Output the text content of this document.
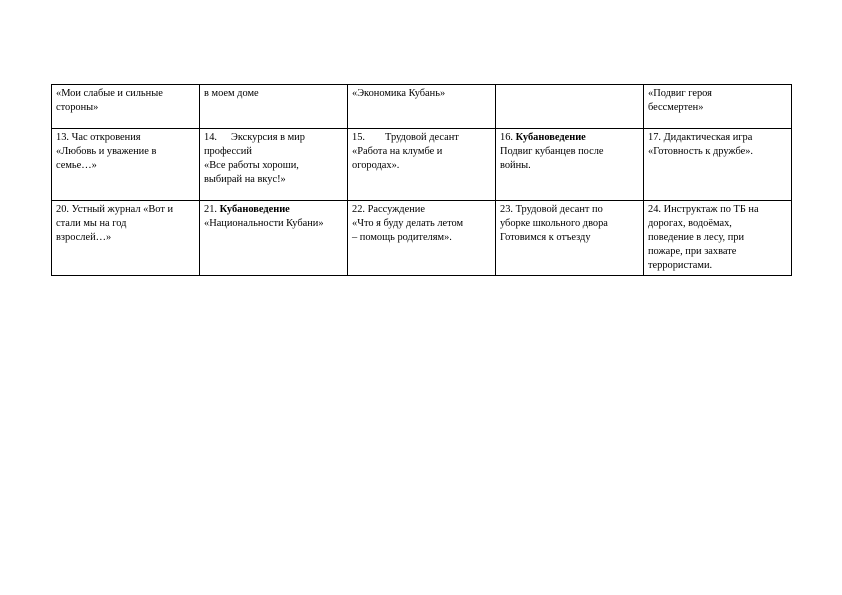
«Мои слабые и сильные
стороны»	в моем доме	«Экономика Кубань»		«Подвиг героя
бессмертен»

13. Час откровения
«Любовь и уважение в
семье…»	14. Экскурсия в мир
профессий
«Все работы хороши,
выбирай на вкус!»	15. Трудовой десант
«Работа на клумбе и
огородах».	16. Кубановедение
Подвиг кубанцев после
войны.	17. Дидактическая игра
«Готовность к дружбе».

20. Устный журнал «Вот и
стали мы на год
взрослей…»	21. Кубановедение
«Национальности Кубани»	22. Рассуждение
«Что я буду делать летом
– помощь родителям».	23. Трудовой десант по
уборке школьного двора
Готовимся к отъезду	24. Инструктаж по ТБ на
дорогах, водоёмах,
поведение в лесу, при
пожаре, при захвате
террористами.
